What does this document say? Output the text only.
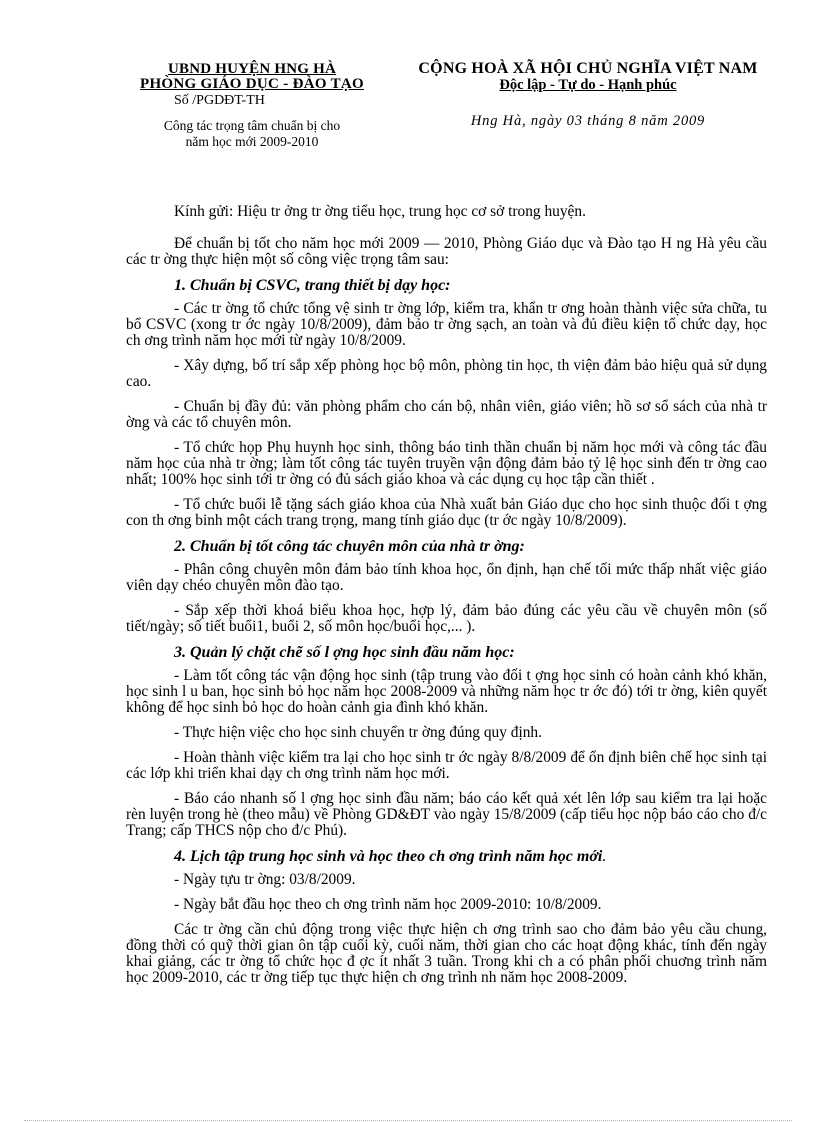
UBND HUYỆN HNG HÀ
PHÒNG GIÁO DỤC - ĐÀO TẠO
Số /PGDĐT-TH
Công tác trọng tâm chuẩn bị cho
năm học mới 2009-2010
CỘNG HOÀ XÃ HỘI CHỦ NGHĨA VIỆT NAM
Độc lập - Tự do - Hạnh phúc
Hng Hà, ngày 03 tháng 8 năm 2009

Kính gửi: Hiệu tr ởng tr ờng tiểu học, trung học cơ sở trong huyện.

Để chuẩn bị tốt cho năm học mới 2009 — 2010, Phòng Giáo dục và Đào tạo H ng Hà yêu cầu các tr ờng thực hiện một số công việc trọng tâm sau:

1. Chuẩn bị CSVC, trang thiết bị dạy học:

- Các tr ờng tổ chức tổng vệ sinh tr ờng lớp, kiểm tra, khẩn tr ơng hoàn thành việc sửa chữa, tu bổ CSVC (xong tr ớc ngày 10/8/2009), đảm bảo tr ờng sạch, an toàn và đủ điều kiện tổ chức dạy, học ch ơng trình năm học mới từ ngày 10/8/2009.

- Xây dựng, bố trí sắp xếp phòng học bộ môn, phòng tin học, th viện đảm bảo hiệu quả sử dụng cao.

- Chuẩn bị đầy đủ: văn phòng phẩm cho cán bộ, nhân viên, giáo viên; hồ sơ sổ sách của nhà tr ờng và các tổ chuyên môn.

- Tổ chức họp Phụ huynh học sinh, thông báo tinh thần chuẩn bị năm học mới và công tác đầu năm học của nhà tr ờng; làm tốt công tác tuyên truyền vận động đảm bảo tỷ lệ học sinh đến tr ờng cao nhất; 100% học sinh tới tr ờng có đủ sách giáo khoa và các dụng cụ học tập cần thiết .

- Tổ chức buổi lễ tặng sách giáo khoa của Nhà xuất bản Giáo dục cho học sinh thuộc đối t ợng con th ơng binh một cách trang trọng, mang tính giáo dục (tr ớc ngày 10/8/2009).

2. Chuẩn bị tốt công tác chuyên môn của nhà tr ờng:

- Phân công chuyên môn đảm bảo tính khoa học, ổn định, hạn chế tối mức thấp nhất việc giáo viên dạy chéo chuyên môn đào tạo.

- Sắp xếp thời khoá biểu khoa học, hợp lý, đảm bảo đúng các yêu cầu về chuyên môn (số tiết/ngày; số tiết buổi1, buổi 2, số môn học/buổi học,... ).

3. Quản lý chặt chẽ số l ợng học sinh đầu năm học:

- Làm tốt công tác vận động học sinh (tập trung vào đối t ợng học sinh có hoàn cảnh khó khăn, học sinh l u ban, học sinh bỏ học năm học 2008-2009 và những năm học tr ớc đó) tới tr ờng, kiên quyết không để học sinh bỏ học do hoàn cảnh gia đình khó khăn.

- Thực hiện việc cho học sinh chuyển tr ờng đúng quy định.

- Hoàn thành việc kiểm tra lại cho học sinh tr ớc ngày 8/8/2009 để ổn định biên chế học sinh tại các lớp khi triển khai dạy ch ơng trình năm học mới.

- Báo cáo nhanh số l ợng học sinh đầu năm; báo cáo kết quả xét lên lớp sau kiểm tra lại hoặc rèn luyện trong hè (theo mẫu) về Phòng GD&ĐT vào ngày 15/8/2009 (cấp tiểu học nộp báo cáo cho đ/c Trang; cấp THCS nộp cho đ/c Phú).

4. Lịch tập trung học sinh và học theo ch ơng trình năm học mới.

- Ngày tựu tr ờng: 03/8/2009.

- Ngày bắt đầu học theo ch ơng trình năm học 2009-2010: 10/8/2009.

Các tr ờng cần chủ động trong việc thực hiện ch ơng trình sao cho đảm bảo yêu cầu chung, đồng thời có quỹ thời gian ôn tập cuối kỳ, cuối năm, thời gian cho các hoạt động khác, tính đến ngày khai giảng, các tr ờng tổ chức học đ ợc ít nhất 3 tuần. Trong khi ch a có phân phối chuơng trình năm học 2009-2010, các tr ờng tiếp tục thực hiện ch ơng trình nh năm học 2008-2009.
